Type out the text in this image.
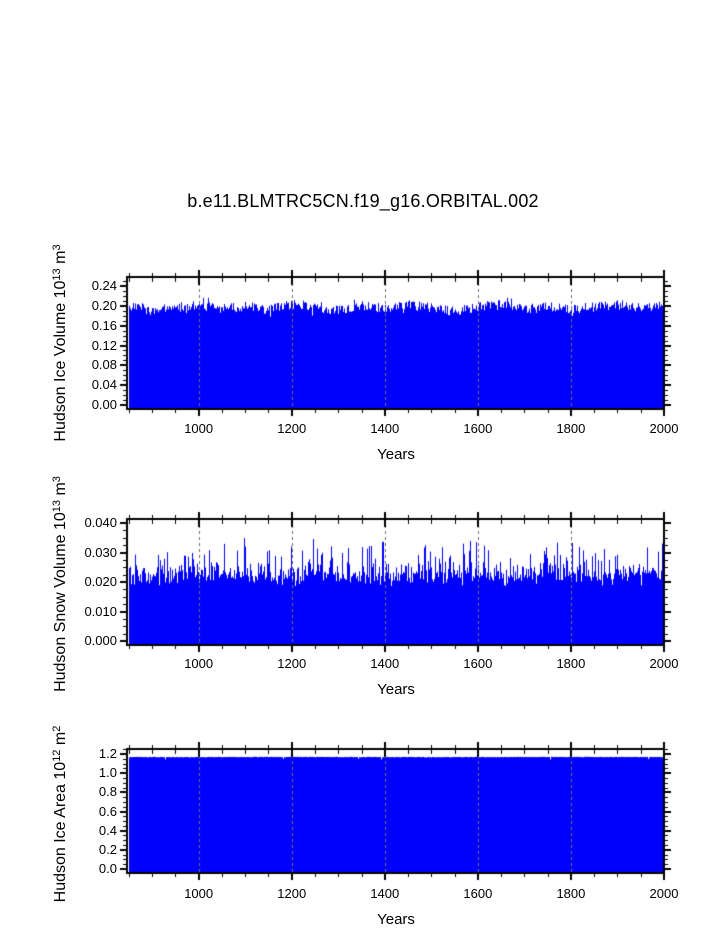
b.e11.BLMTRC5CN.f19_g16.ORBITAL.002
0.00
0.04
0.08
0.12
0.16
0.20
0.24
1000	1200	1400	1600	1800	2000
Years
Hudson Ice Volume $10^{13}$ $m^3$
0.000
0.010
0.020
0.030
0.040
1000	1200	1400	1600	1800	2000
Years
Hudson Snow Volume $10^{13}$ $m^3$
0.0
0.2
0.4
0.6
0.8
1.0
1.2
1000	1200	1400	1600	1800	2000
Years
Hudson Ice Area $10^{12}$ $m^2$
